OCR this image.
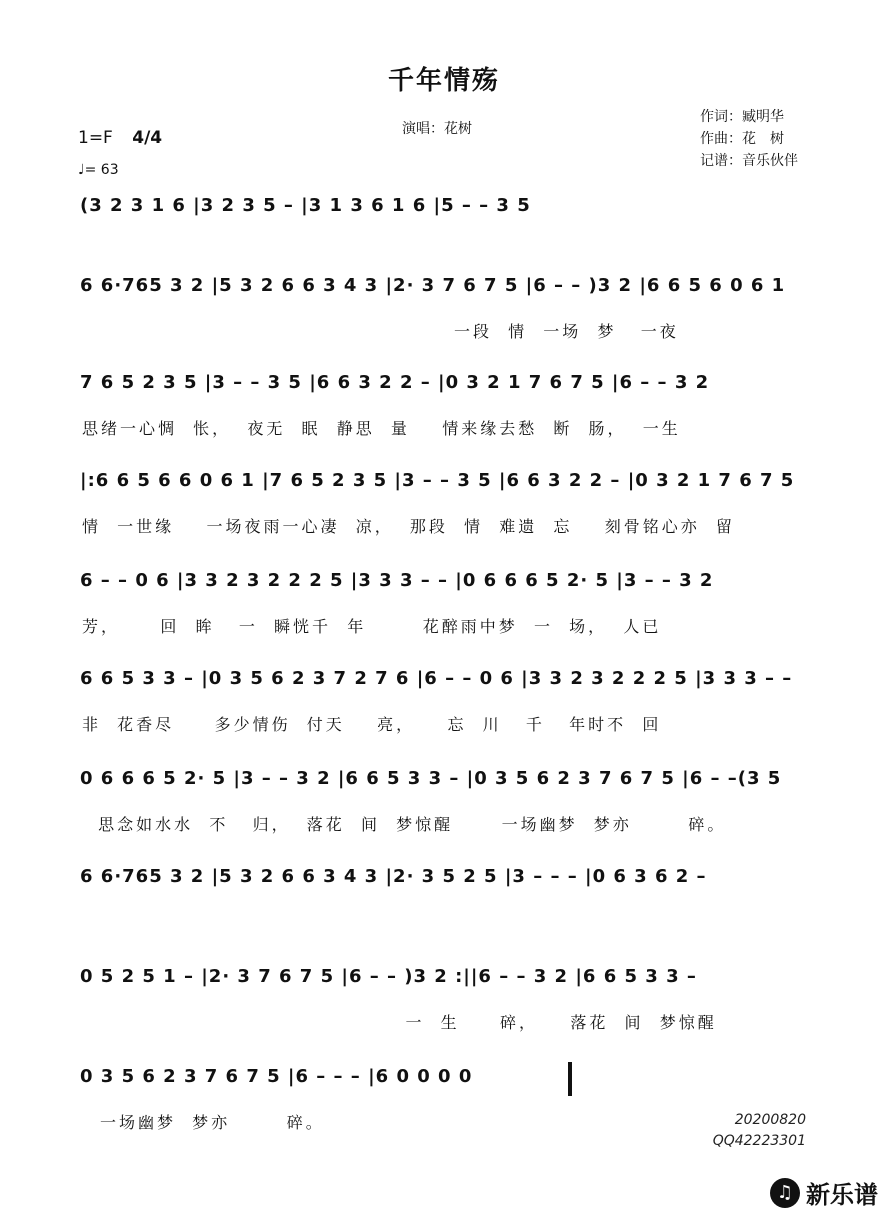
千年情殇
演唱：花树
作词：臧明华
作曲：花　树
记谱：音乐伙伴
1=F 4/4
♩= 63
(3 2 3 1 6 |3 2 3 5 – |3 1 3 6 1 6 |5 – – 3 5
6 6·765 3 2 |5 3 2 6 6 3 4 3 |2· 3 7 6 7 5 |6 – – )3 2 |6 6 5 6 0 6 1
一段  情  一场  梦   一夜
7 6 5 2 3 5 |3 – – 3 5 |6 6 3 2 2 – |0 3 2 1 7 6 7 5 |6 – – 3 2
思绪一心惆  怅，  夜无  眠  静思  量    情来缘去愁  断  肠，  一生
|:6 6 5 6 6 0 6 1 |7 6 5 2 3 5 |3 – – 3 5 |6 6 3 2 2 – |0 3 2 1 7 6 7 5
情  一世缘    一场夜雨一心凄  凉，  那段  情  难遗  忘    刻骨铭心亦  留
6 – – 0 6 |3 3 2 3 2 2 2 5 |3 3 3 – – |0 6 6 6 5 2· 5 |3 – – 3 2
芳，     回  眸   一  瞬恍千  年       花醉雨中梦  一  场，  人已
6 6 5 3 3 – |0 3 5 6 2 3 7 2 7 6 |6 – – 0 6 |3 3 2 3 2 2 2 5 |3 3 3 – –
非  花香尽     多少情伤  付天    亮，    忘  川   千   年时不  回
0 6 6 6 5 2· 5 |3 – – 3 2 |6 6 5 3 3 – |0 3 5 6 2 3 7 6 7 5 |6 – –(3 5
思念如水水  不   归，  落花  间  梦惊醒      一场幽梦  梦亦       碎。
6 6·765 3 2 |5 3 2 6 6 3 4 3 |2· 3 5 2 5 |3 – – – |0 6 3 6 2 –
0 5 2 5 1 – |2· 3 7 6 7 5 |6 – – )3 2 :||6 – – 3 2 |6 6 5 3 3 –
一  生     碎，    落花  间  梦惊醒
0 3 5 6 2 3 7 6 7 5 |6 – – – |6 0 0 0 0
一场幽梦  梦亦       碎。	20200820
QQ42223301
♫ 新乐谱
